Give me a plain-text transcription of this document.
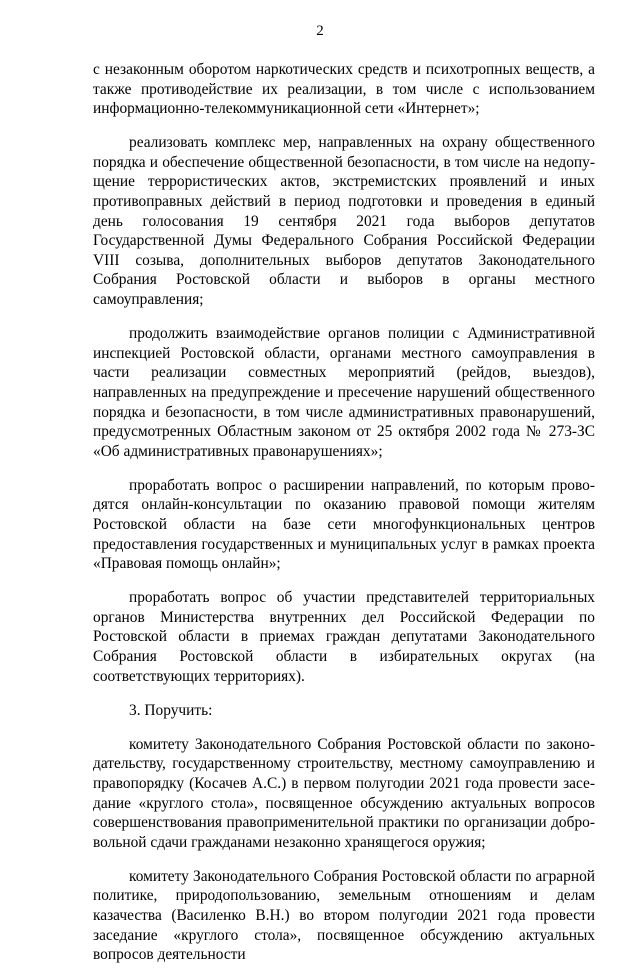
2

с незаконным оборотом наркотических средств и психотропных веществ, а также противодействие их реализации, в том числе с использованием информационно-телекоммуникационной сети «Интернет»;

реализовать комплекс мер, направленных на охрану общественного порядка и обеспечение общественной безопасности, в том числе на недопущение террористических актов, экстремистских проявлений и иных противоправных действий в период подготовки и проведения в единый день голосования 19 сентября 2021 года выборов депутатов Государственной Думы Федерального Собрания Российской Федерации VIII созыва, дополнительных выборов депутатов Законодательного Собрания Ростовской области и выборов в органы местного самоуправления;

продолжить взаимодействие органов полиции с Административной инспекцией Ростовской области, органами местного самоуправления в части реализации совместных мероприятий (рейдов, выездов), направленных на предупреждение и пресечение нарушений общественного порядка и безопасности, в том числе административных правонарушений, предусмотренных Областным законом от 25 октября 2002 года № 273-ЗС «Об административных правонарушениях»;

проработать вопрос о расширении направлений, по которым проводятся онлайн-консультации по оказанию правовой помощи жителям Ростовской области на базе сети многофункциональных центров предоставления государственных и муниципальных услуг в рамках проекта «Правовая помощь онлайн»;

проработать вопрос об участии представителей территориальных органов Министерства внутренних дел Российской Федерации по Ростовской области в приемах граждан депутатами Законодательного Собрания Ростовской области в избирательных округах (на соответствующих территориях).

3. Поручить:

комитету Законодательного Собрания Ростовской области по законодательству, государственному строительству, местному самоуправлению и правопорядку (Косачев А.С.) в первом полугодии 2021 года провести заседание «круглого стола», посвященное обсуждению актуальных вопросов совершенствования правоприменительной практики по организации добровольной сдачи гражданами незаконно хранящегося оружия;

комитету Законодательного Собрания Ростовской области по аграрной политике, природопользованию, земельным отношениям и делам казачества (Василенко В.Н.) во втором полугодии 2021 года провести заседание «круглого стола», посвященное обсуждению актуальных вопросов деятельности
